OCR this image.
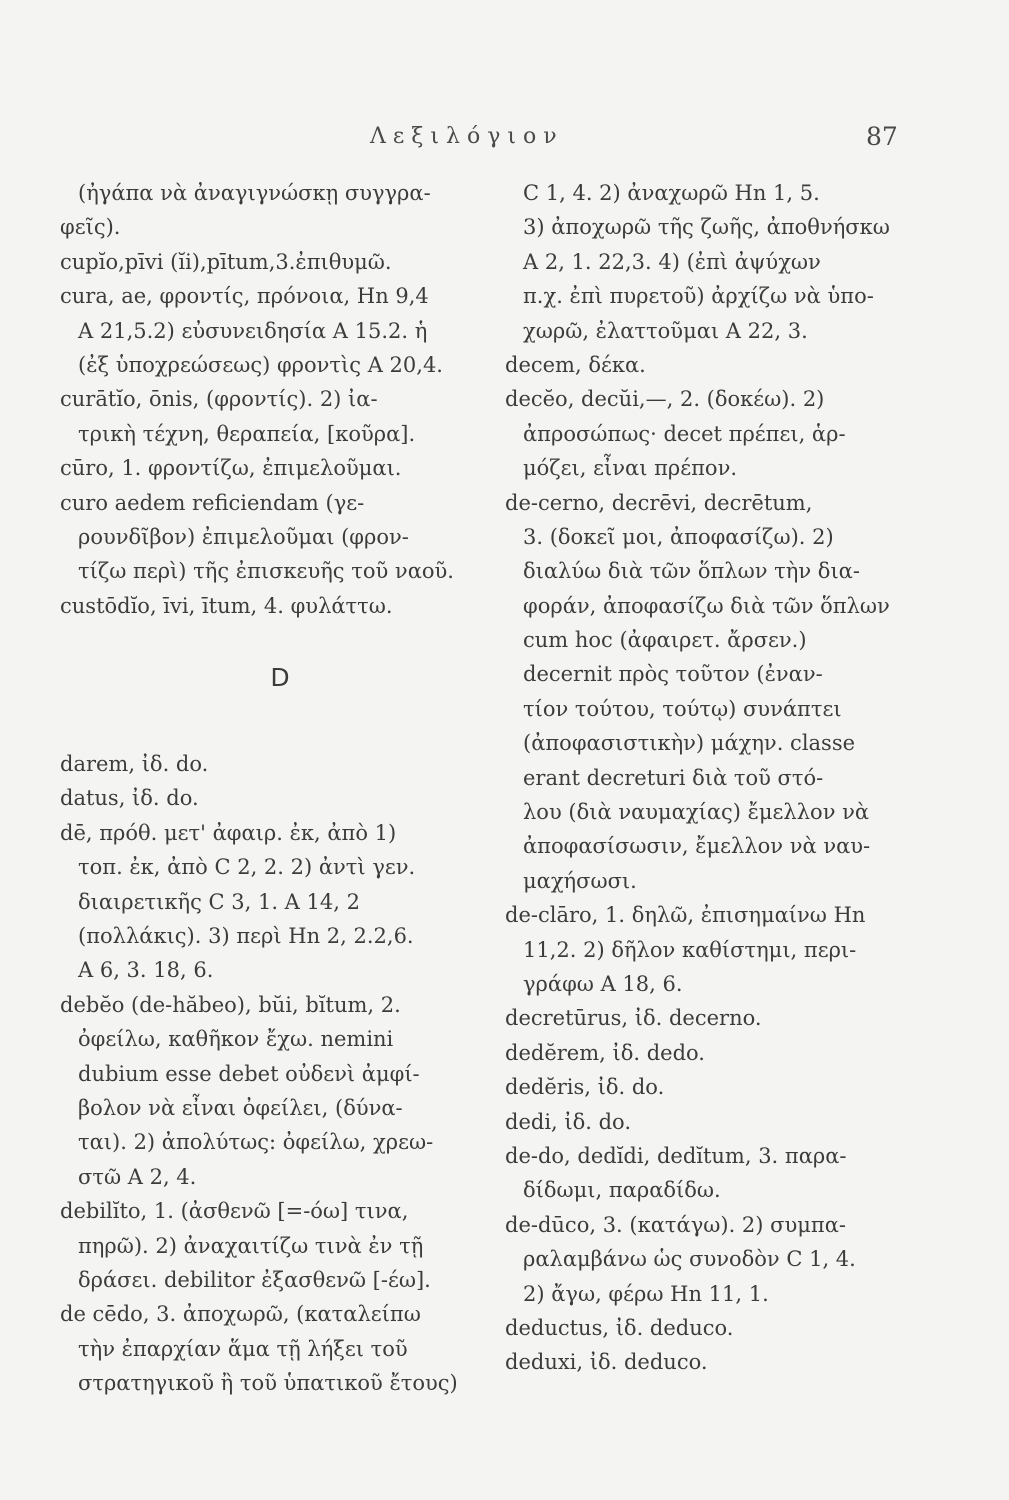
Λεξιλόγιον	87
(ἠγάπα νὰ ἀναγιγνώσκῃ συγγρα-
φεῖς).
cupĭo,pīvi (ĭi),pītum,3.ἐπιθυμῶ.
cura, ae, φροντίς, πρόνοια, Hn 9,4
A 21,5.2) εὐσυνειδησία A 15.2. ἡ
(ἐξ ὑποχρεώσεως) φροντὶς A 20,4.
curātĭo, ōnis, (φροντίς). 2) ἰα-
τρικὴ τέχνη, θεραπεία, [κοῦρα].
cūro, 1. φροντίζω, ἐπιμελοῦμαι.
curo aedem reficiendam (γε-
ρουνδῖβον) ἐπιμελοῦμαι (φρον-
τίζω περὶ) τῆς ἐπισκευῆς τοῦ ναοῦ.
custōdĭo, īvi, ītum, 4. φυλάττω.
D
darem, ἰδ. do.
datus, ἰδ. do.
dē, πρόθ. μετ' ἀφαιρ. ἐκ, ἀπὸ 1)
τοπ. ἐκ, ἀπὸ C 2, 2. 2) ἀντὶ γεν.
διαιρετικῆς C 3, 1. A 14, 2
(πολλάκις). 3) περὶ Hn 2, 2.2,6.
A 6, 3. 18, 6.
debĕo (de-hăbeo), bŭi, bĭtum, 2.
ὀφείλω, καθῆκον ἔχω. nemini
dubium esse debet οὐδενὶ ἀμφί-
βολον νὰ εἶναι ὀφείλει, (δύνα-
ται). 2) ἀπολύτως: ὀφείλω, χρεω-
στῶ A 2, 4.
debilĭto, 1. (ἀσθενῶ [=-όω] τινα,
πηρῶ). 2) ἀναχαιτίζω τινὰ ἐν τῇ
δράσει. debilitor ἐξασθενῶ [-έω].
de cēdo, 3. ἀποχωρῶ, (καταλείπω
τὴν ἐπαρχίαν ἅμα τῇ λήξει τοῦ
στρατηγικοῦ ἢ τοῦ ὑπατικοῦ ἔτους)
C 1, 4. 2) ἀναχωρῶ Hn 1, 5.
3) ἀποχωρῶ τῆς ζωῆς, ἀποθνήσκω
A 2, 1. 22,3. 4) (ἐπὶ ἀψύχων
π.χ. ἐπὶ πυρετοῦ) ἀρχίζω νὰ ὑπο-
χωρῶ, ἐλαττοῦμαι A 22, 3.
decem, δέκα.
decĕo, decŭi,—, 2. (δοκέω). 2)
ἀπροσώπως· decet πρέπει, ἁρ-
μόζει, εἶναι πρέπον.
de-cerno, decrēvi, decrētum,
3. (δοκεῖ μοι, ἀποφασίζω). 2)
διαλύω διὰ τῶν ὅπλων τὴν δια-
φοράν, ἀποφασίζω διὰ τῶν ὅπλων
cum hoc (ἀφαιρετ. ἄρσεν.)
decernit πρὸς τοῦτον (ἐναν-
τίον τούτου, τούτῳ) συνάπτει
(ἀποφασιστικὴν) μάχην. classe
erant decreturi διὰ τοῦ στό-
λου (διὰ ναυμαχίας) ἔμελλον νὰ
ἀποφασίσωσιν, ἔμελλον νὰ ναυ-
μαχήσωσι.
de-clāro, 1. δηλῶ, ἐπισημαίνω Hn
11,2. 2) δῆλον καθίστημι, περι-
γράφω A 18, 6.
decretūrus, ἰδ. decerno.
dedĕrem, ἰδ. dedo.
dedĕris, ἰδ. do.
dedi, ἰδ. do.
de-do, dedĭdi, dedĭtum, 3. παρα-
δίδωμι, παραδίδω.
de-dūco, 3. (κατάγω). 2) συμπα-
ραλαμβάνω ὡς συνοδὸν C 1, 4.
2) ἄγω, φέρω Hn 11, 1.
deductus, ἰδ. deduco.
deduxi, ἰδ. deduco.
